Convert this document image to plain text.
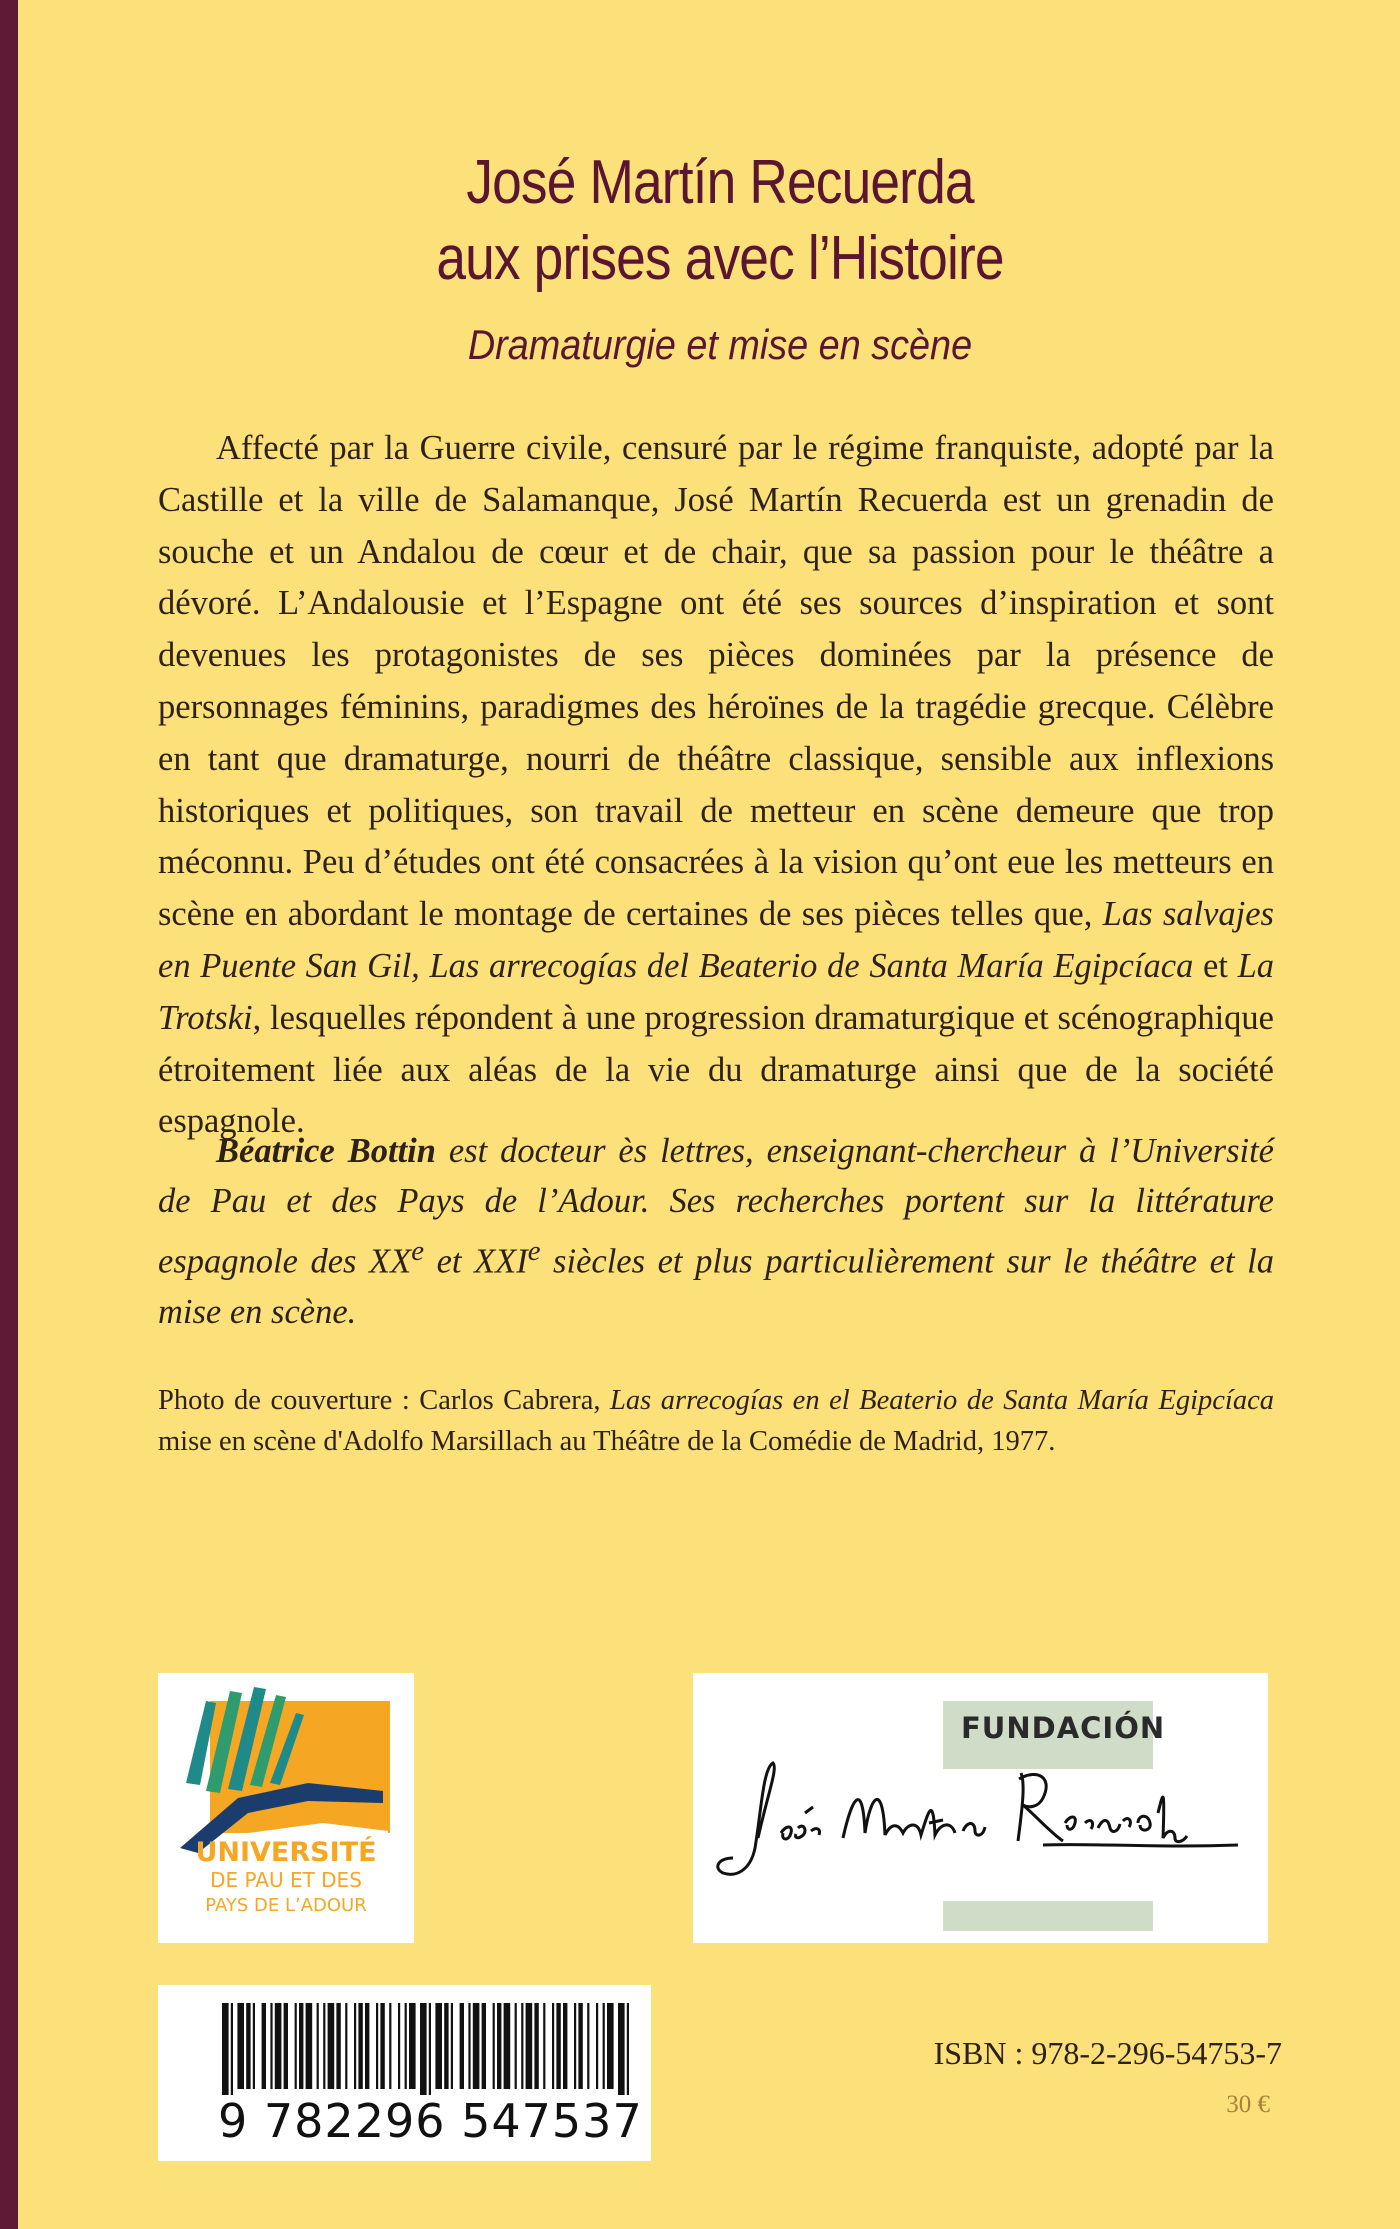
José Martín Recuerda
aux prises avec l’Histoire
Dramaturgie et mise en scène

Affecté par la Guerre civile, censuré par le régime franquiste, adopté par la Castille et la ville de Salamanque, José Martín Recuerda est un grenadin de souche et un Andalou de cœur et de chair, que sa passion pour le théâtre a dévoré. L’Andalousie et l’Espagne ont été ses sources d’inspiration et sont devenues les protagonistes de ses pièces dominées par la présence de personnages féminins, paradigmes des héroïnes de la tragédie grecque. Célèbre en tant que dramaturge, nourri de théâtre classique, sensible aux inflexions historiques et politiques, son travail de metteur en scène demeure que trop méconnu. Peu d’études ont été consacrées à la vision qu’ont eue les metteurs en scène en abordant le montage de certaines de ses pièces telles que, Las salvajes en Puente San Gil, Las arrecogías del Beaterio de Santa María Egipcíaca et La Trotski, lesquelles répondent à une progression dramaturgique et scénographique étroitement liée aux aléas de la vie du dramaturge ainsi que de la société espagnole.

Béatrice Bottin est docteur ès lettres, enseignant-chercheur à l’Université de Pau et des Pays de l’Adour. Ses recherches portent sur la littérature espagnole des XXe et XXIe siècles et plus particulièrement sur le théâtre et la mise en scène.

Photo de couverture : Carlos Cabrera, Las arrecogías en el Beaterio de Santa María Egipcíaca mise en scène d'Adolfo Marsillach au Théâtre de la Comédie de Madrid, 1977.

UNIVERSITÉ
DE PAU ET DES
PAYS DE L’ADOUR
FUNDACIÓN
José Martín Recuerda
9 782296 547537
ISBN : 978-2-296-54753-7
30 €
